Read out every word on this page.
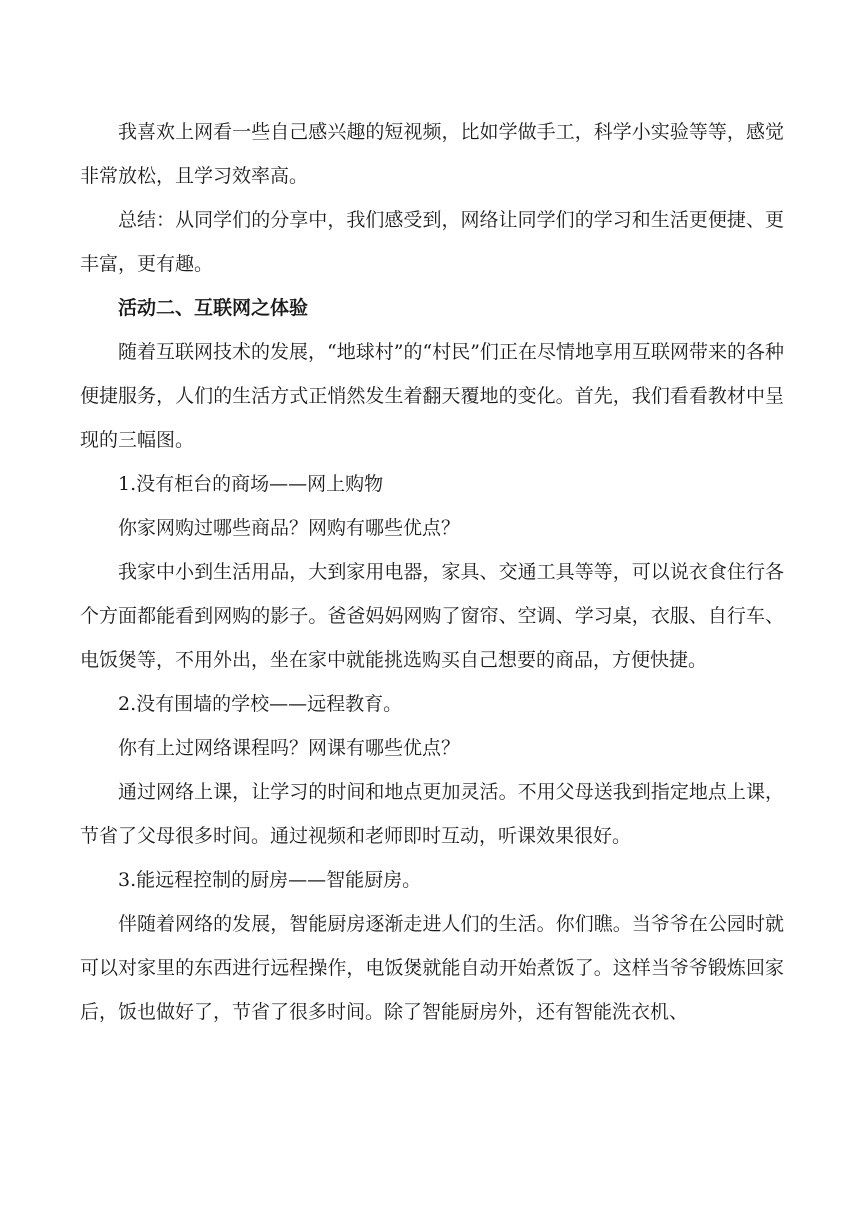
我喜欢上网看一些自己感兴趣的短视频，比如学做手工，科学小实验等等，感觉非常放松，且学习效率高。

总结：从同学们的分享中，我们感受到，网络让同学们的学习和生活更便捷、更丰富，更有趣。

活动二、互联网之体验

随着互联网技术的发展，“地球村”的“村民”们正在尽情地享用互联网带来的各种便捷服务，人们的生活方式正悄然发生着翻天覆地的变化。首先，我们看看教材中呈现的三幅图。

1.没有柜台的商场——网上购物

你家网购过哪些商品？网购有哪些优点？

我家中小到生活用品，大到家用电器，家具、交通工具等等，可以说衣食住行各个方面都能看到网购的影子。爸爸妈妈网购了窗帘、空调、学习桌，衣服、自行车、电饭煲等，不用外出，坐在家中就能挑选购买自己想要的商品，方便快捷。

2.没有围墙的学校——远程教育。

你有上过网络课程吗？网课有哪些优点？

通过网络上课，让学习的时间和地点更加灵活。不用父母送我到指定地点上课，节省了父母很多时间。通过视频和老师即时互动，听课效果很好。

3.能远程控制的厨房——智能厨房。

伴随着网络的发展，智能厨房逐渐走进人们的生活。你们瞧。当爷爷在公园时就可以对家里的东西进行远程操作，电饭煲就能自动开始煮饭了。这样当爷爷锻炼回家后，饭也做好了，节省了很多时间。除了智能厨房外，还有智能洗衣机、
